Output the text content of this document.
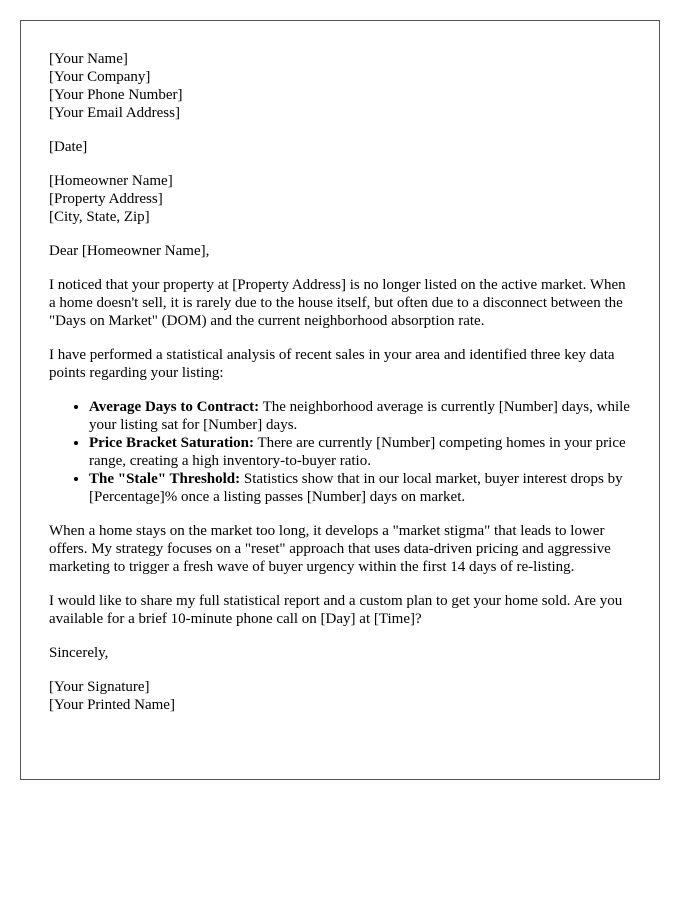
[Your Name]
[Your Company]
[Your Phone Number]
[Your Email Address]
[Date]
[Homeowner Name]
[Property Address]
[City, State, Zip]

Dear [Homeowner Name],

I noticed that your property at [Property Address] is no longer listed on the active market. When a home doesn't sell, it is rarely due to the house itself, but often due to a disconnect between the "Days on Market" (DOM) and the current neighborhood absorption rate.

I have performed a statistical analysis of recent sales in your area and identified three key data points regarding your listing:

• Average Days to Contract: The neighborhood average is currently [Number] days, while your listing sat for [Number] days.
• Price Bracket Saturation: There are currently [Number] competing homes in your price range, creating a high inventory-to-buyer ratio.
• The "Stale" Threshold: Statistics show that in our local market, buyer interest drops by [Percentage]% once a listing passes [Number] days on market.

When a home stays on the market too long, it develops a "market stigma" that leads to lower offers. My strategy focuses on a "reset" approach that uses data-driven pricing and aggressive marketing to trigger a fresh wave of buyer urgency within the first 14 days of re-listing.

I would like to share my full statistical report and a custom plan to get your home sold. Are you available for a brief 10-minute phone call on [Day] at [Time]?

Sincerely,

[Your Signature]
[Your Printed Name]
